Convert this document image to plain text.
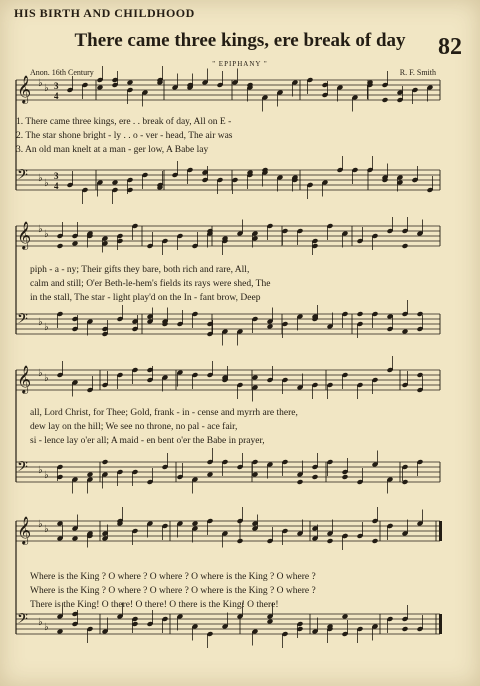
HIS BIRTH AND CHILDHOOD
There came three kings, ere break of day	82
" EPIPHANY "
Anon. 16th Century	R. F. Smith
𝄞 ♭ ♭ 3
4
𝄢 ♭ ♭
3
4
𝄞 ♭ ♭
𝄢 ♭ ♭
𝄞 ♭ ♭
𝄢 ♭ ♭
𝄞 ♭ ♭
𝄢 ♭ ♭
1. There came three kings, ere . . break of day, All on E -
2. The star shone bright - ly . . o - ver - head, The air was
3. An old man knelt at a man - ger low, A Babe lay
piph - a - ny; Their gifts they bare, both rich and rare, All,
calm and still; O'er Beth-le-hem's fields its rays were shed, The
in the stall, The star - light play'd on the In - fant brow, Deep
all, Lord Christ, for Thee; Gold, frank - in - cense and myrrh are there,
dew lay on the hill; We see no throne, no pal - ace fair,
si - lence lay o'er all; A maid - en bent o'er the Babe in prayer,
Where is the King ? O where ? O where ? O where is the King ? O where ?
Where is the King ? O where ? O where ? O where is the King ? O where ?
There is the King! O there! O there! O there is the King! O there!
